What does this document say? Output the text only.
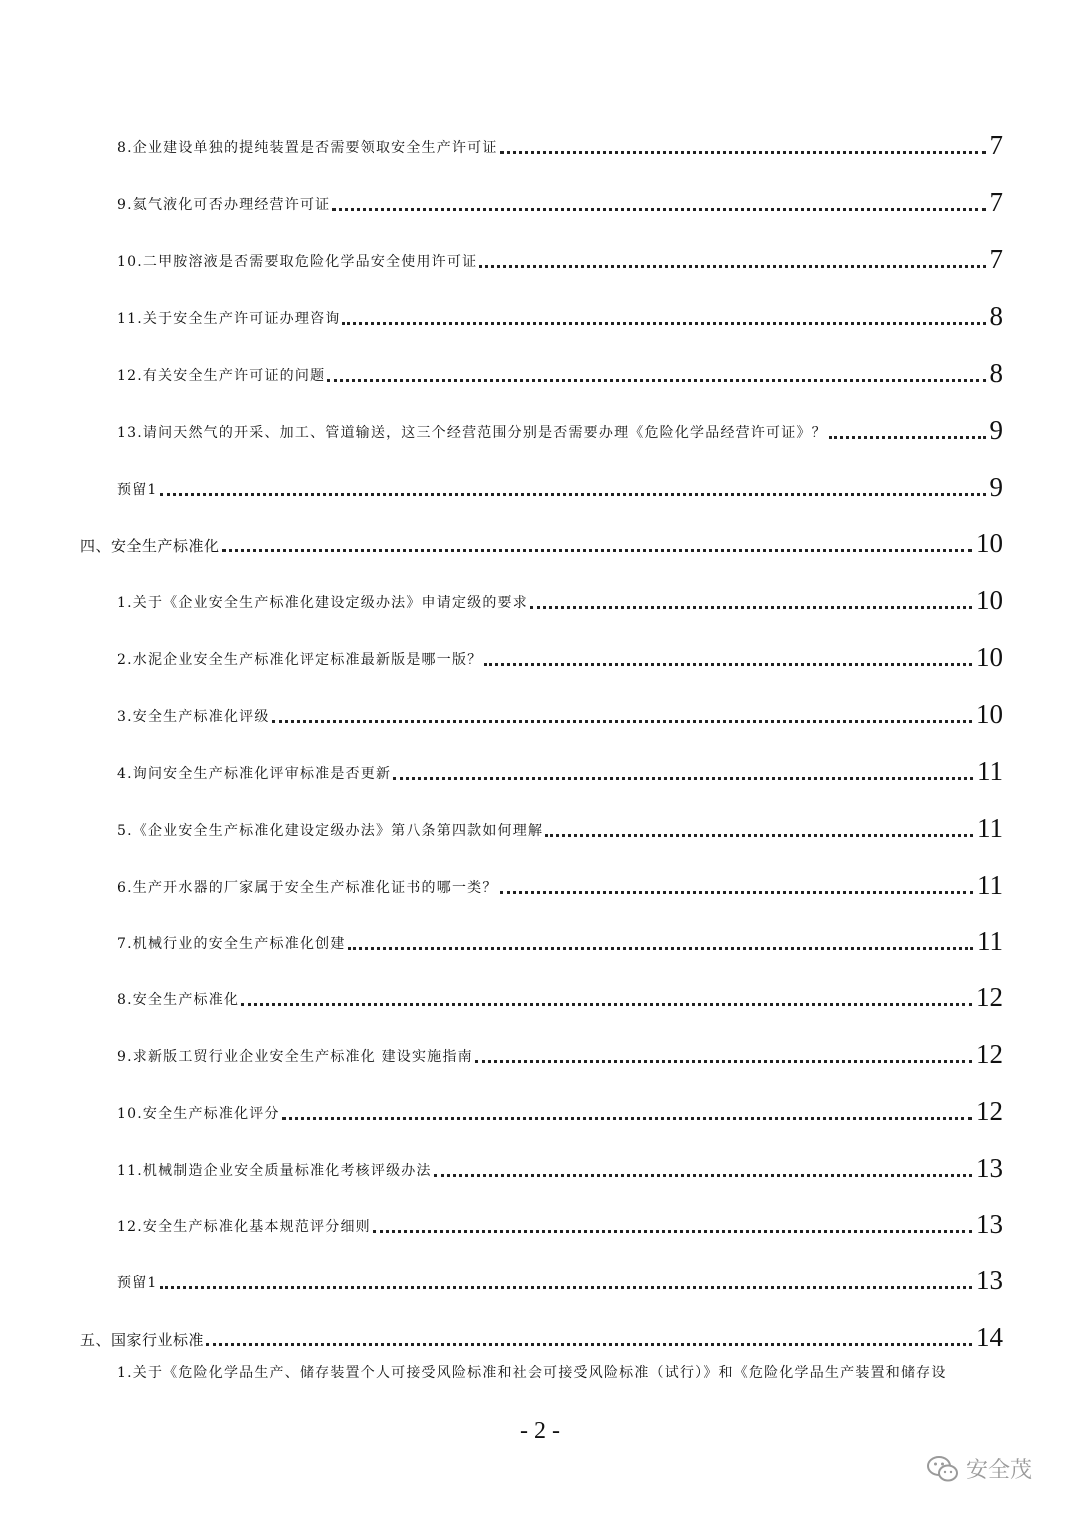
8.企业建设单独的提纯装置是否需要领取安全生产许可证	7
9.氦气液化可否办理经营许可证	7
10.二甲胺溶液是否需要取危险化学品安全使用许可证	7
11.关于安全生产许可证办理咨询	8
12.有关安全生产许可证的问题	8
13.请问天然气的开采、加工、管道输送，这三个经营范围分别是否需要办理《危险化学品经营许可证》？	9
预留1	9
四、安全生产标准化	10
1.关于《企业安全生产标准化建设定级办法》申请定级的要求	10
2.水泥企业安全生产标准化评定标准最新版是哪一版？	10
3.安全生产标准化评级	10
4.询问安全生产标准化评审标准是否更新	11
5.《企业安全生产标准化建设定级办法》第八条第四款如何理解	11
6.生产开水器的厂家属于安全生产标准化证书的哪一类？	11
7.机械行业的安全生产标准化创建	11
8.安全生产标准化	12
9.求新版工贸行业企业安全生产标准化 建设实施指南	12
10.安全生产标准化评分	12
11.机械制造企业安全质量标准化考核评级办法	13
12.安全生产标准化基本规范评分细则	13
预留1	13
五、国家行业标准	14
1.关于《危险化学品生产、储存装置个人可接受风险标准和社会可接受风险标准（试行）》和《危险化学品生产装置和储存设
- 2 -
安全茂
